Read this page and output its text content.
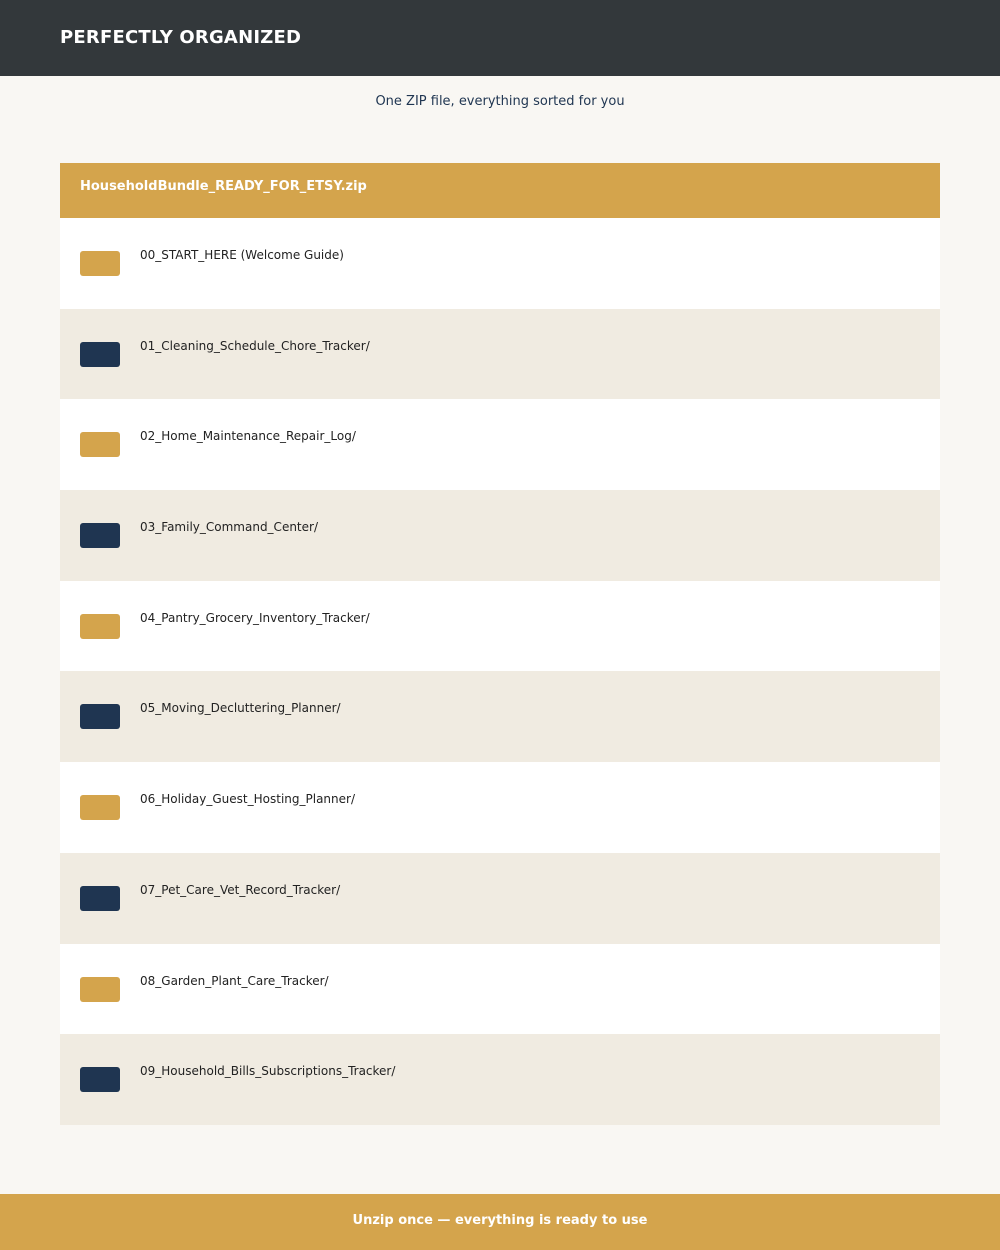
PERFECTLY ORGANIZED
One ZIP file, everything sorted for you
HouseholdBundle_READY_FOR_ETSY.zip
00_START_HERE (Welcome Guide)
01_Cleaning_Schedule_Chore_Tracker/
02_Home_Maintenance_Repair_Log/
03_Family_Command_Center/
04_Pantry_Grocery_Inventory_Tracker/
05_Moving_Decluttering_Planner/
06_Holiday_Guest_Hosting_Planner/
07_Pet_Care_Vet_Record_Tracker/
08_Garden_Plant_Care_Tracker/
09_Household_Bills_Subscriptions_Tracker/
Unzip once — everything is ready to use
